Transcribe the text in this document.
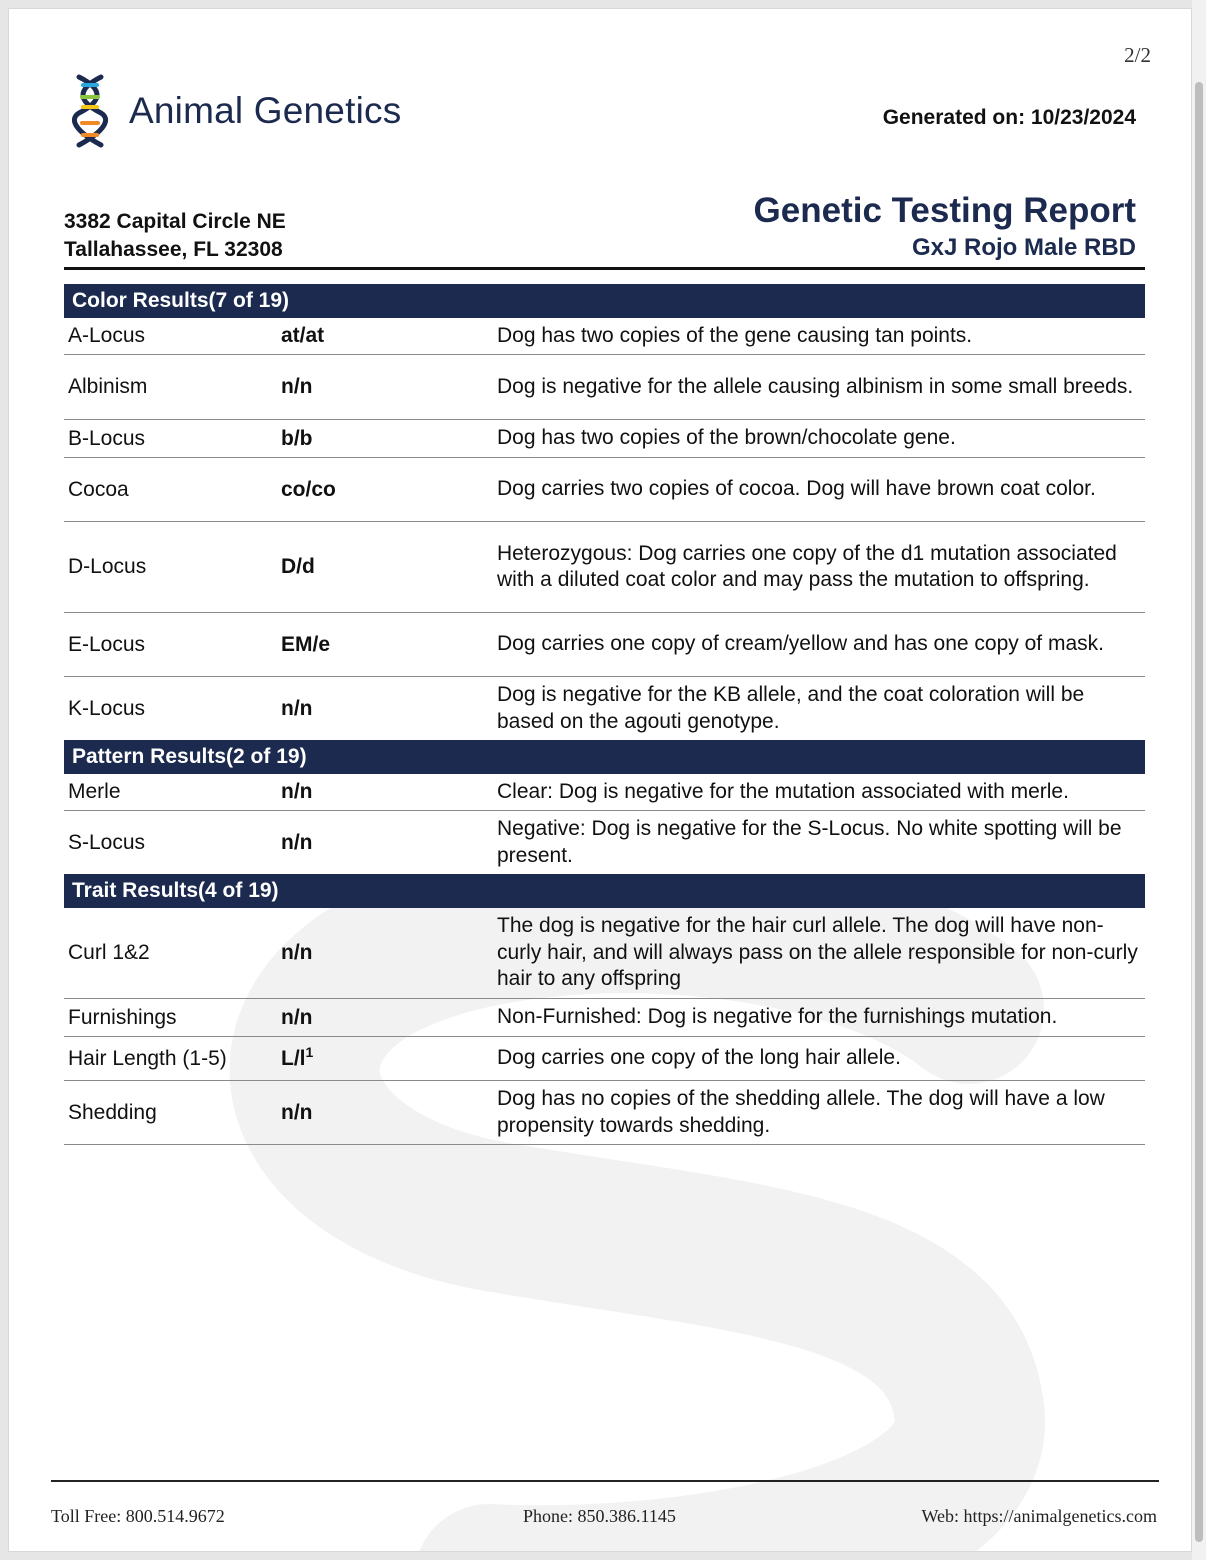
2/2
Animal Genetics	Generated on: 10/23/2024
3382 Capital Circle NE
Tallahassee, FL 32308
Genetic Testing Report
GxJ Rojo Male RBD
Color Results(7 of 19)
A-Locus	at/at	Dog has two copies of the gene causing tan points.
Albinism	n/n	Dog is negative for the allele causing albinism in some small breeds.
B-Locus	b/b	Dog has two copies of the brown/chocolate gene.
Cocoa	co/co	Dog carries two copies of cocoa. Dog will have brown coat color.
D-Locus	D/d
Heterozygous: Dog carries one copy of the d1 mutation associated with a diluted coat color and may pass the mutation to offspring.
E-Locus	EM/e	Dog carries one copy of cream/yellow and has one copy of mask.
K-Locus	n/n
Dog is negative for the KB allele, and the coat coloration will be based on the agouti genotype.
Pattern Results(2 of 19)
Merle	n/n	Clear: Dog is negative for the mutation associated with merle.
S-Locus	n/n
Negative: Dog is negative for the S-Locus. No white spotting will be present.
Trait Results(4 of 19)
Curl 1&2	n/n
The dog is negative for the hair curl allele. The dog will have non-curly hair, and will always pass on the allele responsible for non-curly hair to any offspring
Furnishings	n/n	Non-Furnished: Dog is negative for the furnishings mutation.
Hair Length (1-5)	$L/l^1$	Dog carries one copy of the long hair allele.
Shedding	n/n
Dog has no copies of the shedding allele. The dog will have a low propensity towards shedding.
Toll Free: 800.514.9672	Phone: 850.386.1145	Web: https://animalgenetics.com
